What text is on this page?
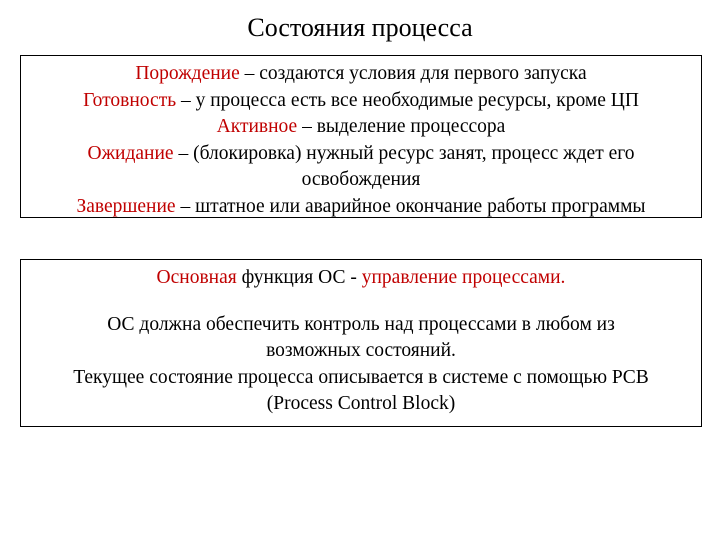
Состояния процесса
Порождение – создаются условия для первого запуска
Готовность – у процесса есть все необходимые ресурсы, кроме ЦП
Активное – выделение процессора
Ожидание – (блокировка) нужный ресурс занят, процесс ждет его
освобождения
Завершение – штатное или аварийное окончание работы программы
Основная функция ОС - управление процессами.
ОС должна обеспечить контроль над процессами в любом из
возможных состояний.
Текущее состояние процесса описывается в системе с помощью PCB
(Process Control Block)
